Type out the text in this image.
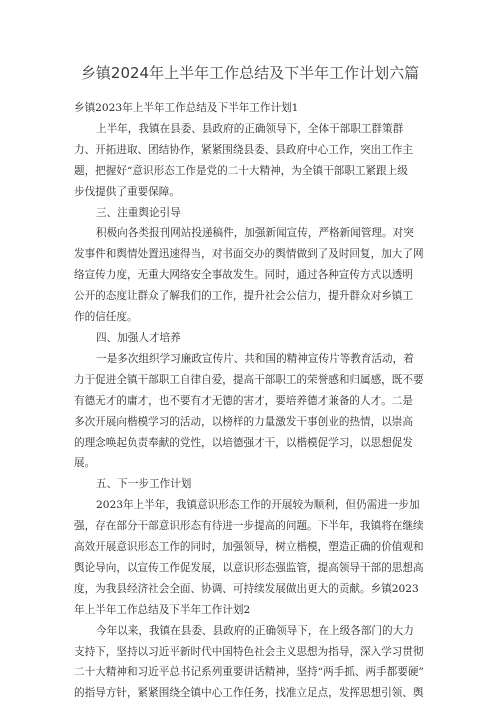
乡镇2024年上半年工作总结及下半年工作计划六篇
乡镇2023年上半年工作总结及下半年工作计划1
上半年，我镇在县委、县政府的正确领导下，全体干部职工群策群
力、开拓进取、团结协作，紧紧围绕县委、县政府中心工作，突出工作主
题，把握好“意识形态工作是党的二十大精神，为全镇干部职工紧跟上级
步伐提供了重要保障。
三、注重舆论引导
积极向各类报刊网站投递稿件，加强新闻宣传，严格新闻管理。对突
发事件和舆情处置迅速得当，对书面交办的舆情做到了及时回复，加大了网
络宣传力度，无重大网络安全事故发生。同时，通过各种宣传方式以透明
公开的态度让群众了解我们的工作，提升社会公信力，提升群众对乡镇工
作的信任度。
四、加强人才培养
一是多次组织学习廉政宣传片、共和国的精神宣传片等教育活动，着
力于促进全镇干部职工自律自爱，提高干部职工的荣誉感和归属感，既不要
有德无才的庸才，也不要有才无德的害才，要培养德才兼备的人才。二是
多次开展向楷模学习的活动，以榜样的力量激发干事创业的热情，以崇高
的理念唤起负责奉献的党性，以培德强才干，以楷模促学习，以思想促发
展。
五、下一步工作计划
2023年上半年，我镇意识形态工作的开展较为顺利，但仍需进一步加
强，存在部分干部意识形态有待进一步提高的问题。下半年，我镇将在继续
高效开展意识形态工作的同时，加强领导，树立楷模，塑造正确的价值观和
舆论导向，以宣传工作促发展，以意识形态强监管，提高领导干部的思想高
度，为我县经济社会全面、协调、可持续发展做出更大的贡献。乡镇2023
年上半年工作总结及下半年工作计划2
今年以来，我镇在县委、县政府的正确领导下，在上级各部门的大力
支持下，坚持以习近平新时代中国特色社会主义思想为指导，深入学习贯彻
二十大精神和习近平总书记系列重要讲话精神，坚持“两手抓、两手都要硬”
的指导方针，紧紧围绕全镇中心工作任务，找准立足点，发挥思想引领、舆
